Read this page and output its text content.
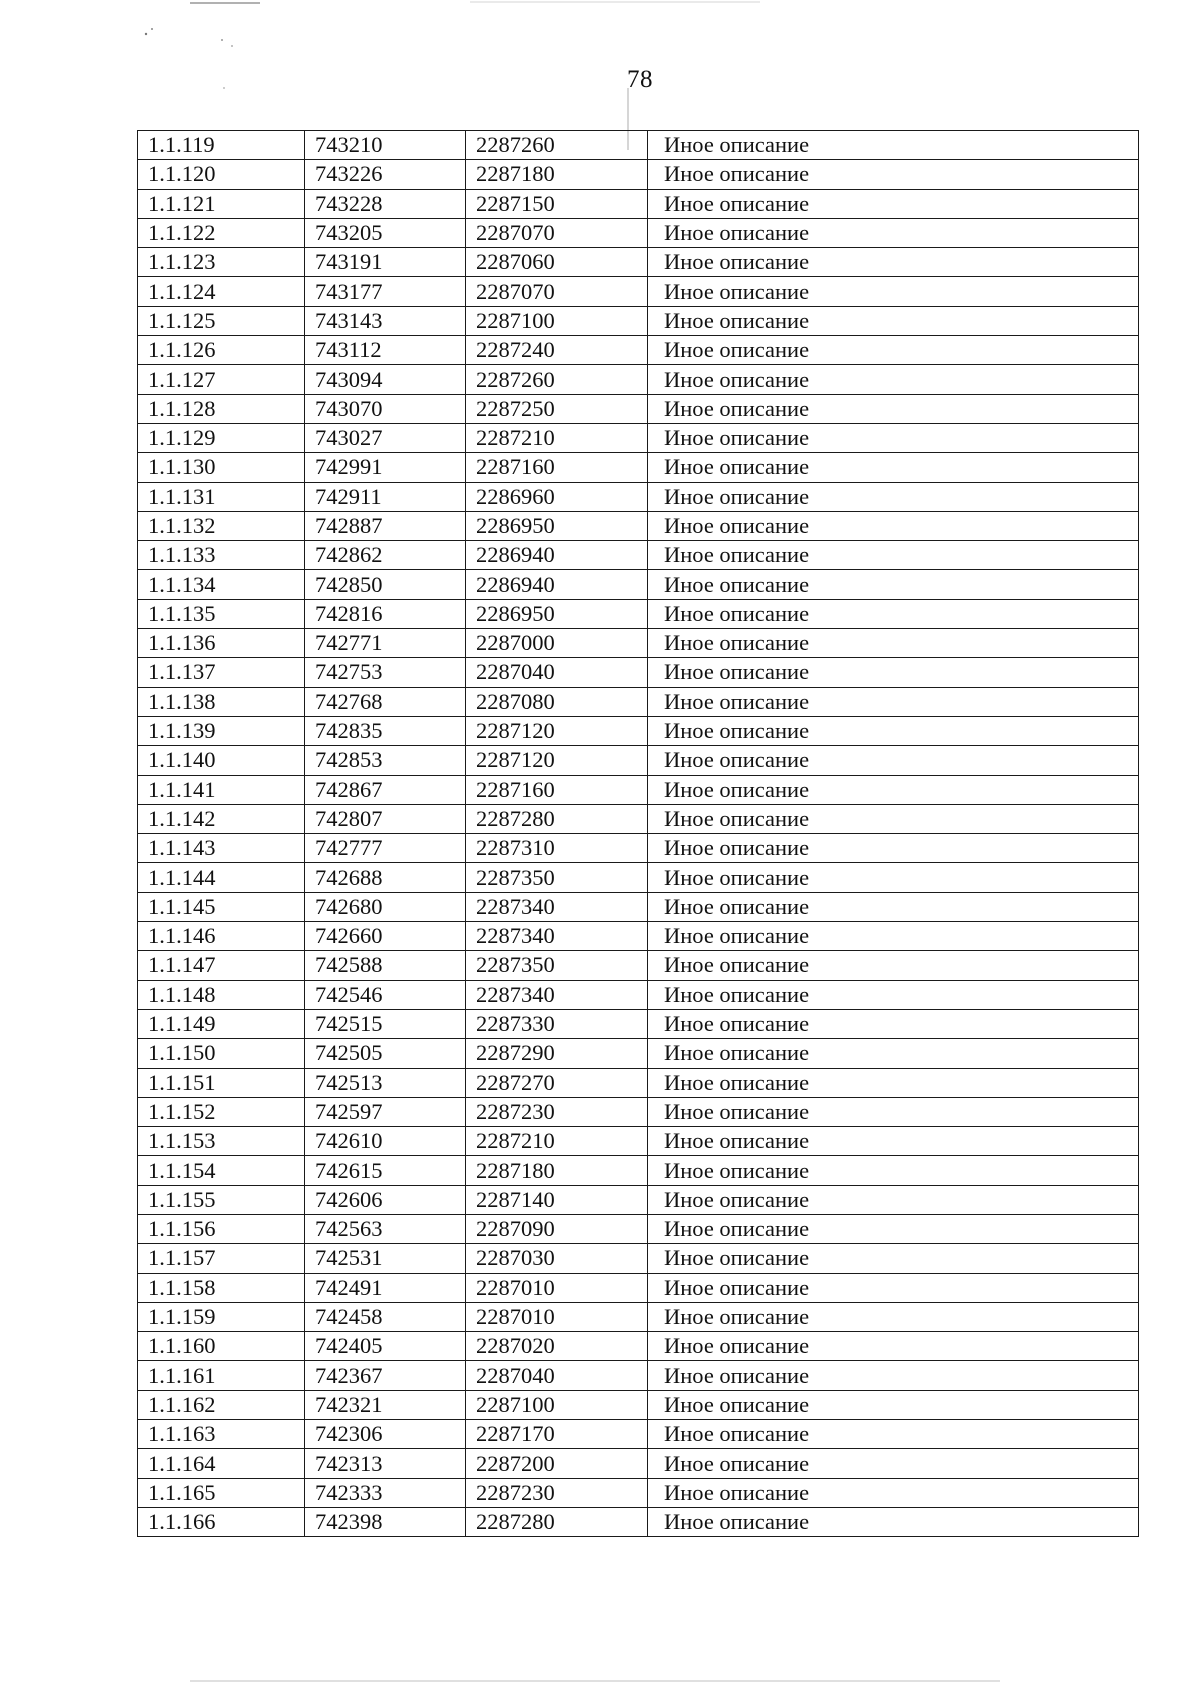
78
1.1.119	743210	2287260	Иное описание
1.1.120	743226	2287180	Иное описание
1.1.121	743228	2287150	Иное описание
1.1.122	743205	2287070	Иное описание
1.1.123	743191	2287060	Иное описание
1.1.124	743177	2287070	Иное описание
1.1.125	743143	2287100	Иное описание
1.1.126	743112	2287240	Иное описание
1.1.127	743094	2287260	Иное описание
1.1.128	743070	2287250	Иное описание
1.1.129	743027	2287210	Иное описание
1.1.130	742991	2287160	Иное описание
1.1.131	742911	2286960	Иное описание
1.1.132	742887	2286950	Иное описание
1.1.133	742862	2286940	Иное описание
1.1.134	742850	2286940	Иное описание
1.1.135	742816	2286950	Иное описание
1.1.136	742771	2287000	Иное описание
1.1.137	742753	2287040	Иное описание
1.1.138	742768	2287080	Иное описание
1.1.139	742835	2287120	Иное описание
1.1.140	742853	2287120	Иное описание
1.1.141	742867	2287160	Иное описание
1.1.142	742807	2287280	Иное описание
1.1.143	742777	2287310	Иное описание
1.1.144	742688	2287350	Иное описание
1.1.145	742680	2287340	Иное описание
1.1.146	742660	2287340	Иное описание
1.1.147	742588	2287350	Иное описание
1.1.148	742546	2287340	Иное описание
1.1.149	742515	2287330	Иное описание
1.1.150	742505	2287290	Иное описание
1.1.151	742513	2287270	Иное описание
1.1.152	742597	2287230	Иное описание
1.1.153	742610	2287210	Иное описание
1.1.154	742615	2287180	Иное описание
1.1.155	742606	2287140	Иное описание
1.1.156	742563	2287090	Иное описание
1.1.157	742531	2287030	Иное описание
1.1.158	742491	2287010	Иное описание
1.1.159	742458	2287010	Иное описание
1.1.160	742405	2287020	Иное описание
1.1.161	742367	2287040	Иное описание
1.1.162	742321	2287100	Иное описание
1.1.163	742306	2287170	Иное описание
1.1.164	742313	2287200	Иное описание
1.1.165	742333	2287230	Иное описание
1.1.166	742398	2287280	Иное описание
